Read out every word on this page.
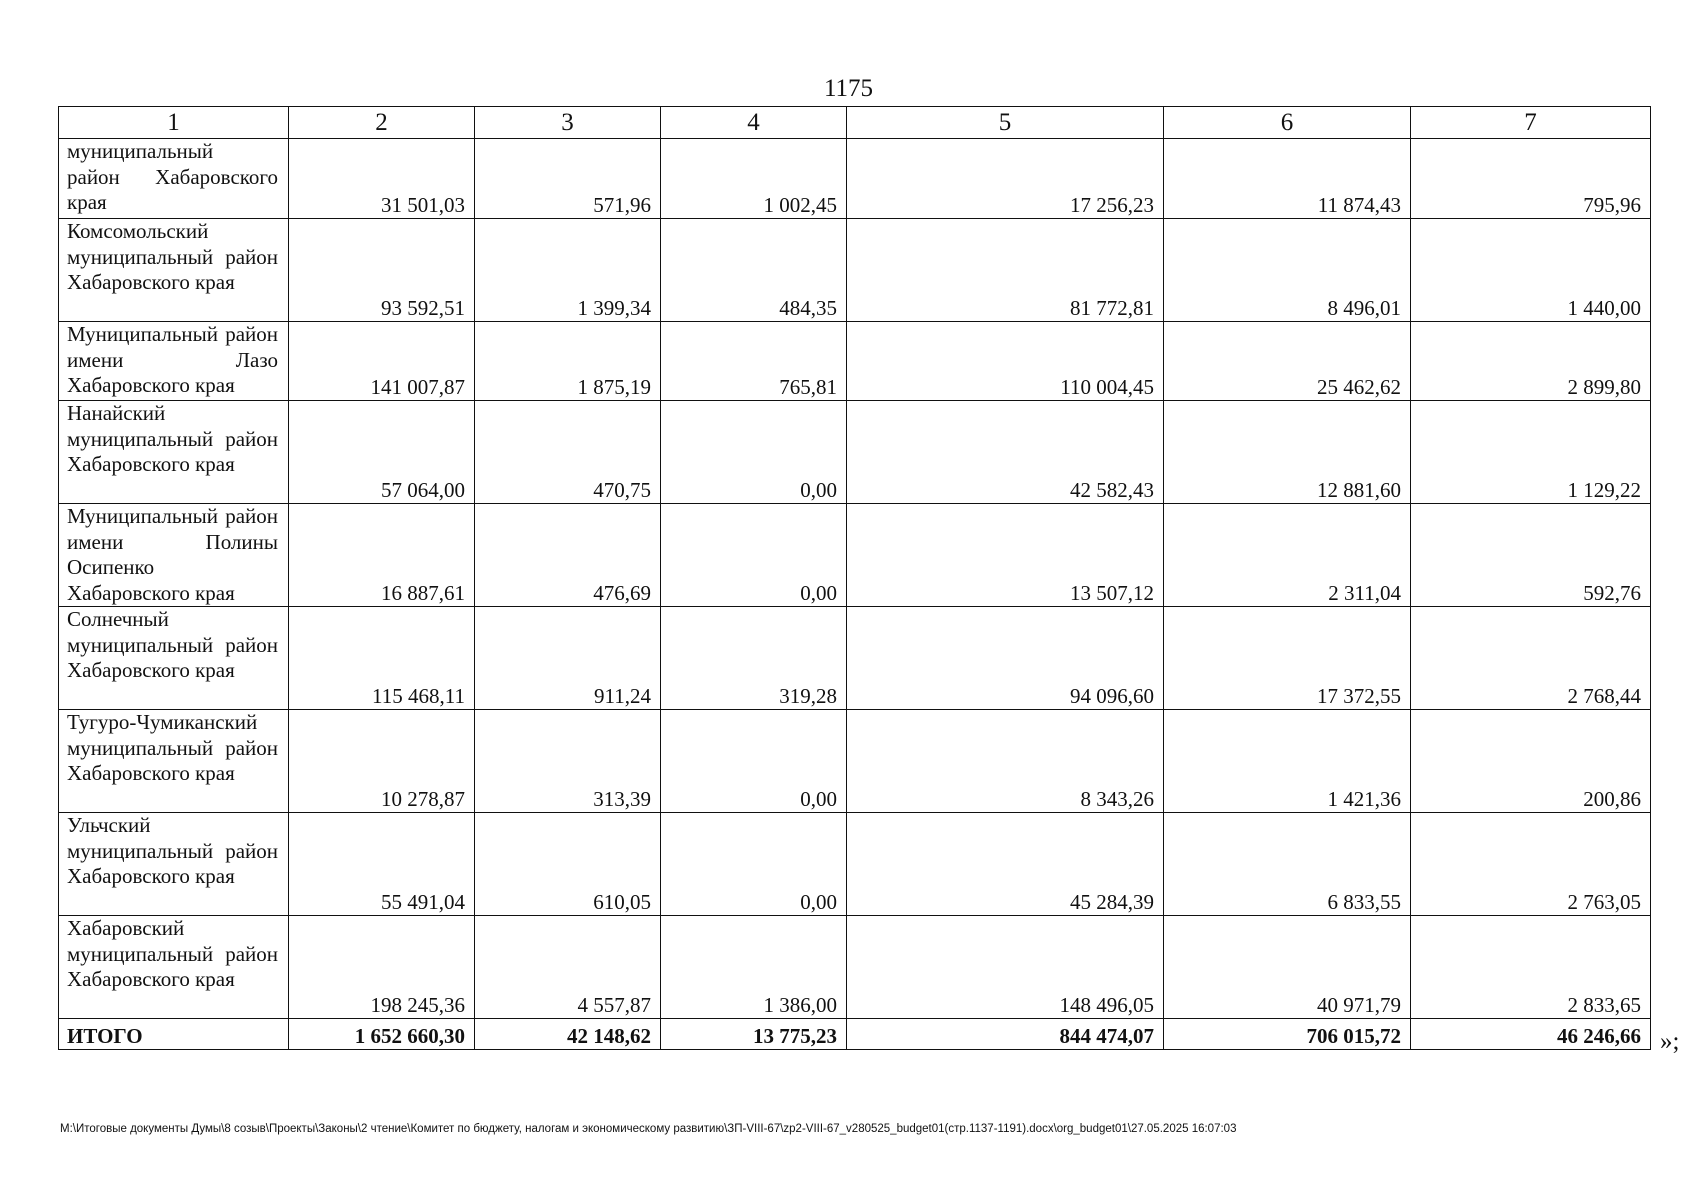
1175
1	2	3	4	5	6	7

муниципальный
район Хабаровского края	31 501,03	571,96	1 002,45	17 256,23	11 874,43	795,96
Комсомольский муниципальный район Хабаровского края	93 592,51	1 399,34	484,35	81 772,81	8 496,01	1 440,00
Муниципальный район имени Лазо Хабаровского края	141 007,87	1 875,19	765,81	110 004,45	25 462,62	2 899,80
Нанайский муниципальный район Хабаровского края	57 064,00	470,75	0,00	42 582,43	12 881,60	1 129,22
Муниципальный район имени Полины Осипенко Хабаровского края	16 887,61	476,69	0,00	13 507,12	2 311,04	592,76
Солнечный муниципальный район Хабаровского края	115 468,11	911,24	319,28	94 096,60	17 372,55	2 768,44
Тугуро-Чумиканский муниципальный район Хабаровского края	10 278,87	313,39	0,00	8 343,26	1 421,36	200,86
Ульчский муниципальный район Хабаровского края	55 491,04	610,05	0,00	45 284,39	6 833,55	2 763,05
Хабаровский муниципальный район Хабаровского края	198 245,36	4 557,87	1 386,00	148 496,05	40 971,79	2 833,65
ИТОГО	1 652 660,30	42 148,62	13 775,23	844 474,07	706 015,72	46 246,66 »;
M:\Итоговые документы Думы\8 созыв\Проекты\Законы\2 чтение\Комитет по бюджету, налогам и экономическому развитию\ЗП-VIII-67\zp2-VIII-67_v280525_budget01(стр.1137-1191).docx\org_budget01\27.05.2025 16:07:03
